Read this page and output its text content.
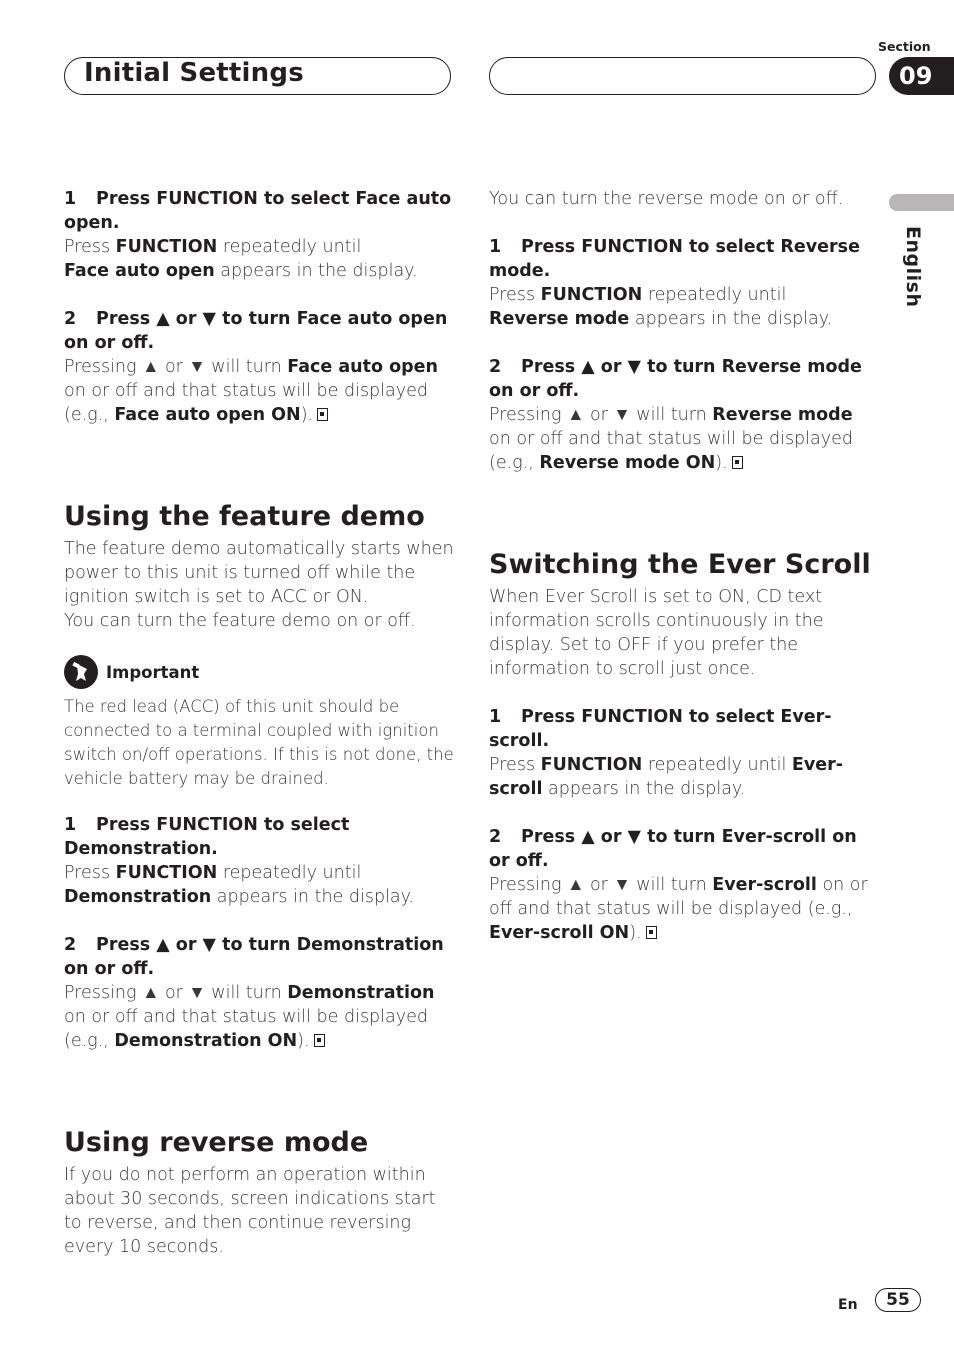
Initial Settings
Section
09
English

1 Press FUNCTION to select Face auto open.

Press FUNCTION repeatedly until
Face auto open appears in the display.

2 Press ▲ or ▼ to turn Face auto open on or off.

Pressing ▲ or ▼ will turn Face auto open on or off and that status will be displayed (e.g., Face auto open ON).

Using the feature demo

The feature demo automatically starts when power to this unit is turned off while the ignition switch is set to ACC or ON.

You can turn the feature demo on or off.

Important

The red lead (ACC) of this unit should be connected to a terminal coupled with ignition switch on/off operations. If this is not done, the vehicle battery may be drained.

1 Press FUNCTION to select Demonstration.

Press FUNCTION repeatedly until
Demonstration appears in the display.

2 Press ▲ or ▼ to turn Demonstration on or off.

Pressing ▲ or ▼ will turn Demonstration on or off and that status will be displayed (e.g., Demonstration ON).

Using reverse mode

If you do not perform an operation within about 30 seconds, screen indications start to reverse, and then continue reversing every 10 seconds.

You can turn the reverse mode on or off.

1 Press FUNCTION to select Reverse mode.

Press FUNCTION repeatedly until
Reverse mode appears in the display.

2 Press ▲ or ▼ to turn Reverse mode on or off.

Pressing ▲ or ▼ will turn Reverse mode on or off and that status will be displayed (e.g., Reverse mode ON).

Switching the Ever Scroll

When Ever Scroll is set to ON, CD text information scrolls continuously in the display. Set to OFF if you prefer the information to scroll just once.

1 Press FUNCTION to select Ever-scroll.

Press FUNCTION repeatedly until Ever-scroll appears in the display.

2 Press ▲ or ▼ to turn Ever-scroll on or off.

Pressing ▲ or ▼ will turn Ever-scroll on or off and that status will be displayed (e.g., Ever-scroll ON).

En	55
